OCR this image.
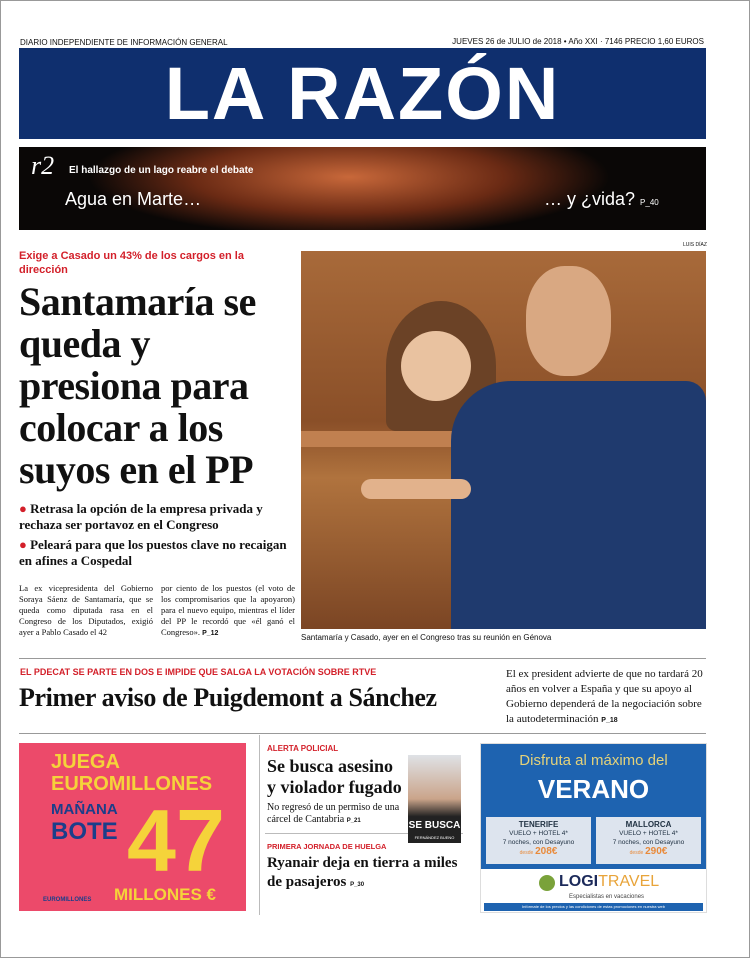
DIARIO INDEPENDIENTE DE INFORMACIÓN GENERAL	JUEVES 26 de JULIO de 2018 • Año XXI · 7146 PRECIO 1,60 EUROS
LA RAZÓN
r2 El hallazgo de un lago reabre el debate
Agua en Marte…	… y ¿vida? P_40
Exige a Casado un 43% de los cargos en la dirección
Santamaría se queda y presiona para colocar a los suyos en el PP
● Retrasa la opción de la empresa privada y rechaza ser portavoz en el Congreso
● Peleará para que los puestos clave no recaigan en afines a Cospedal
La ex vicepresidenta del Gobierno Soraya Sáenz de Santamaría, que se queda como diputada rasa en el Congreso de los Diputados, exigió ayer a Pablo Casado el 42
por ciento de los puestos (el voto de los compromisarios que la apoyaron) para el nuevo equipo, mientras el líder del PP le recordó que «él ganó el Congreso». P_12
LUIS DÍAZ
Santamaría y Casado, ayer en el Congreso tras su reunión en Génova
EL PDECAT SE PARTE EN DOS E IMPIDE QUE SALGA LA VOTACIÓN SOBRE RTVE
Primer aviso de Puigdemont a Sánchez
El ex president advierte de que no tardará 20 años en volver a España y que su apoyo al Gobierno dependerá de la negociación sobre la autodeterminación P_18
JUEGA
EUROMILLONES
MAÑANA
BOTE 47
MILLONES €
EUROMILLONES
ALERTA POLICIAL
Se busca asesino y violador fugado
No regresó de un permiso de una cárcel de Cantabria P_21
PRIMERA JORNADA DE HUELGA
Ryanair deja en tierra a miles de pasajeros P_30
SE BUSCA
FERNÁNDEZ BUENO
Disfruta al máximo del
VERANO
TENERIFE
VUELO + HOTEL 4*
7 noches, con Desayuno
desde 208€
MALLORCA
VUELO + HOTEL 4*
7 noches, con Desayuno
desde 290€
LOGITRAVEL
Especialistas en vacaciones
Infórmate de los precios y las condiciones de estas promociones en nuestra web
